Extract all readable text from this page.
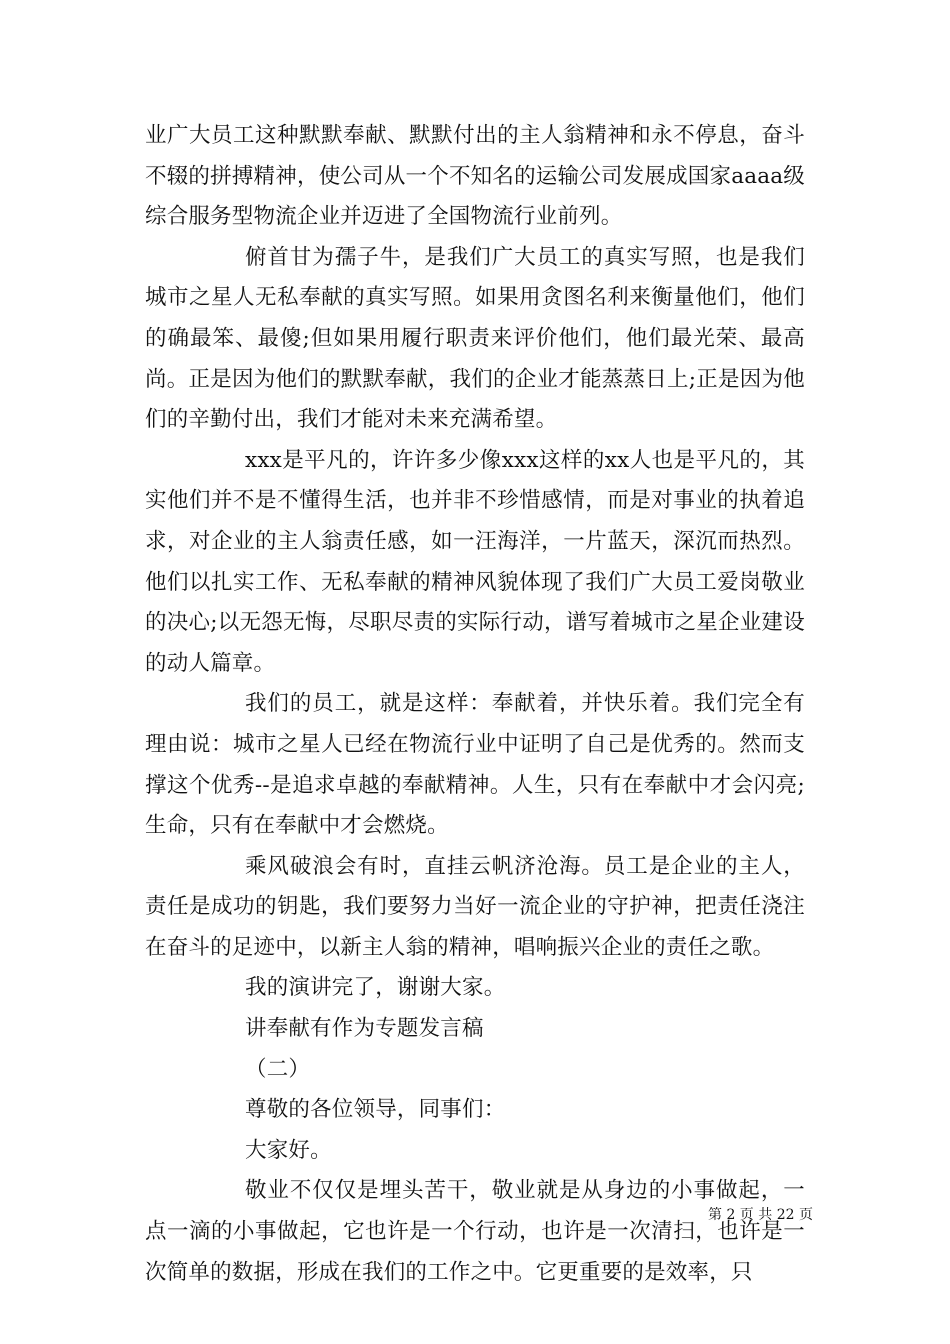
业广大员工这种默默奉献、默默付出的主人翁精神和永不停息，奋斗不辍的拼搏精神，使公司从一个不知名的运输公司发展成国家aaaa级综合服务型物流企业并迈进了全国物流行业前列。

俯首甘为孺子牛，是我们广大员工的真实写照，也是我们城市之星人无私奉献的真实写照。如果用贪图名利来衡量他们，他们的确最笨、最傻;但如果用履行职责来评价他们，他们最光荣、最高尚。正是因为他们的默默奉献，我们的企业才能蒸蒸日上;正是因为他们的辛勤付出，我们才能对未来充满希望。

xxx是平凡的，许许多少像xxx这样的xx人也是平凡的，其实他们并不是不懂得生活，也并非不珍惜感情，而是对事业的执着追求，对企业的主人翁责任感，如一汪海洋，一片蓝天，深沉而热烈。他们以扎实工作、无私奉献的精神风貌体现了我们广大员工爱岗敬业的决心;以无怨无悔，尽职尽责的实际行动，谱写着城市之星企业建设的动人篇章。

我们的员工，就是这样：奉献着，并快乐着。我们完全有理由说：城市之星人已经在物流行业中证明了自己是优秀的。然而支撑这个优秀--是追求卓越的奉献精神。人生，只有在奉献中才会闪亮;生命，只有在奉献中才会燃烧。

乘风破浪会有时，直挂云帆济沧海。员工是企业的主人，责任是成功的钥匙，我们要努力当好一流企业的守护神，把责任浇注在奋斗的足迹中，以新主人翁的精神，唱响振兴企业的责任之歌。

我的演讲完了，谢谢大家。

讲奉献有作为专题发言稿

（二）

尊敬的各位领导，同事们：

大家好。

敬业不仅仅是埋头苦干，敬业就是从身边的小事做起，一点一滴的小事做起，它也许是一个行动，也许是一次清扫，也许是一次简单的数据，形成在我们的工作之中。它更重要的是效率，只

第 2 页 共 22 页
